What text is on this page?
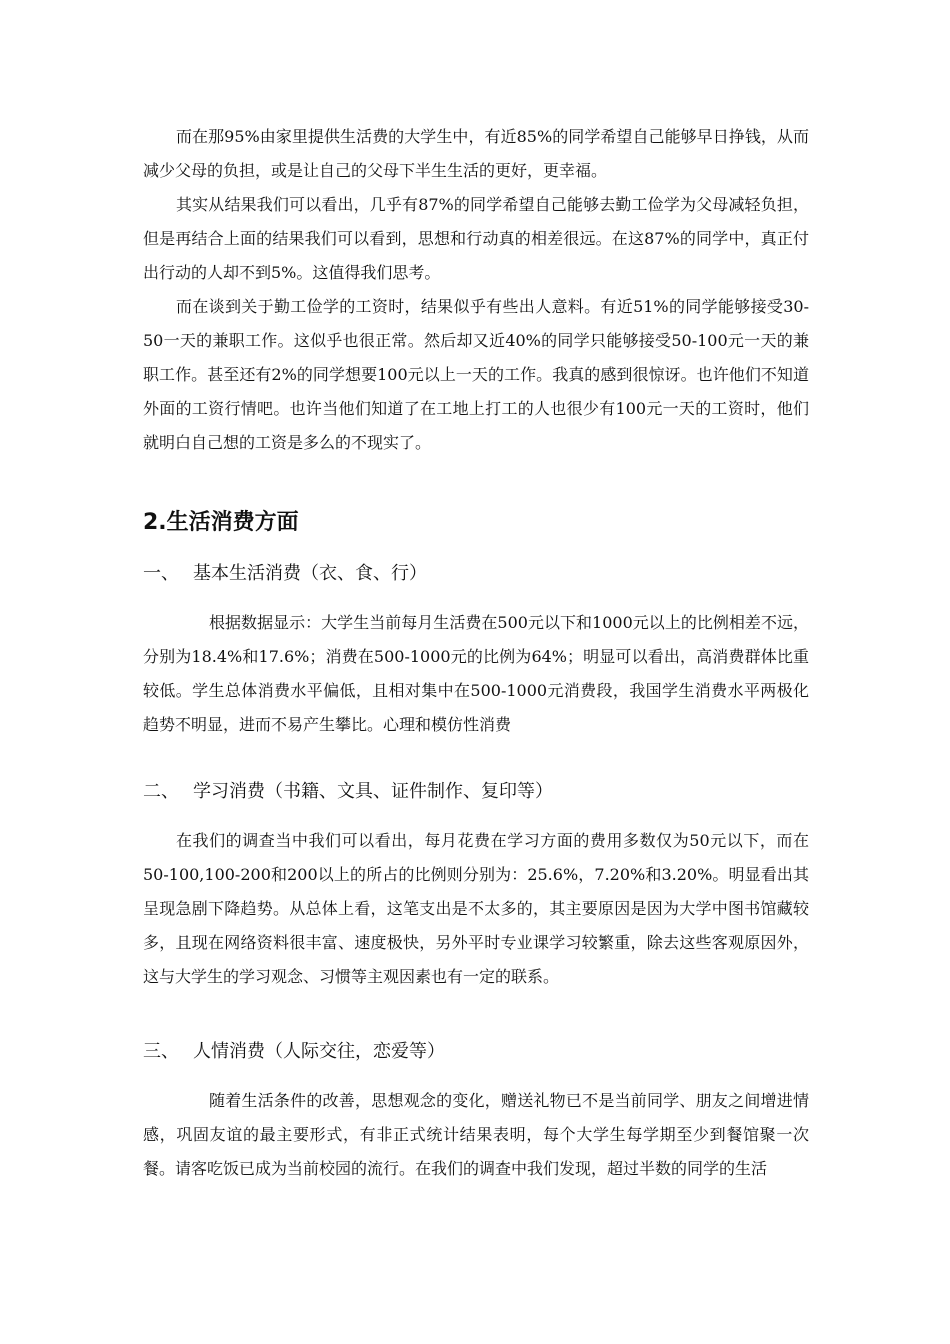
而在那95%由家里提供生活费的大学生中，有近85%的同学希望自己能够早日挣钱，从而减少父母的负担，或是让自己的父母下半生生活的更好，更幸福。

其实从结果我们可以看出，几乎有87%的同学希望自己能够去勤工俭学为父母减轻负担，但是再结合上面的结果我们可以看到，思想和行动真的相差很远。在这87%的同学中，真正付出行动的人却不到5%。这值得我们思考。

而在谈到关于勤工俭学的工资时，结果似乎有些出人意料。有近51%的同学能够接受30-50一天的兼职工作。这似乎也很正常。然后却又近40%的同学只能够接受50-100元一天的兼职工作。甚至还有2%的同学想要100元以上一天的工作。我真的感到很惊讶。也许他们不知道外面的工资行情吧。也许当他们知道了在工地上打工的人也很少有100元一天的工资时，他们就明白自己想的工资是多么的不现实了。

2.生活消费方面
一、 基本生活消费（衣、食、行）

根据数据显示：大学生当前每月生活费在500元以下和1000元以上的比例相差不远，分别为18.4%和17.6%；消费在500-1000元的比例为64%；明显可以看出，高消费群体比重较低。学生总体消费水平偏低，且相对集中在500-1000元消费段，我国学生消费水平两极化趋势不明显，进而不易产生攀比。心理和模仿性消费

二、 学习消费（书籍、文具、证件制作、复印等）

在我们的调查当中我们可以看出，每月花费在学习方面的费用多数仅为50元以下，而在50-100,100-200和200以上的所占的比例则分别为：25.6%，7.20%和3.20%。明显看出其呈现急剧下降趋势。从总体上看，这笔支出是不太多的，其主要原因是因为大学中图书馆藏较多，且现在网络资料很丰富、速度极快，另外平时专业课学习较繁重，除去这些客观原因外，这与大学生的学习观念、习惯等主观因素也有一定的联系。

三、 人情消费（人际交往，恋爱等）

随着生活条件的改善，思想观念的变化，赠送礼物已不是当前同学、朋友之间增进情感，巩固友谊的最主要形式，有非正式统计结果表明，每个大学生每学期至少到餐馆聚一次餐。请客吃饭已成为当前校园的流行。在我们的调查中我们发现，超过半数的同学的生活
